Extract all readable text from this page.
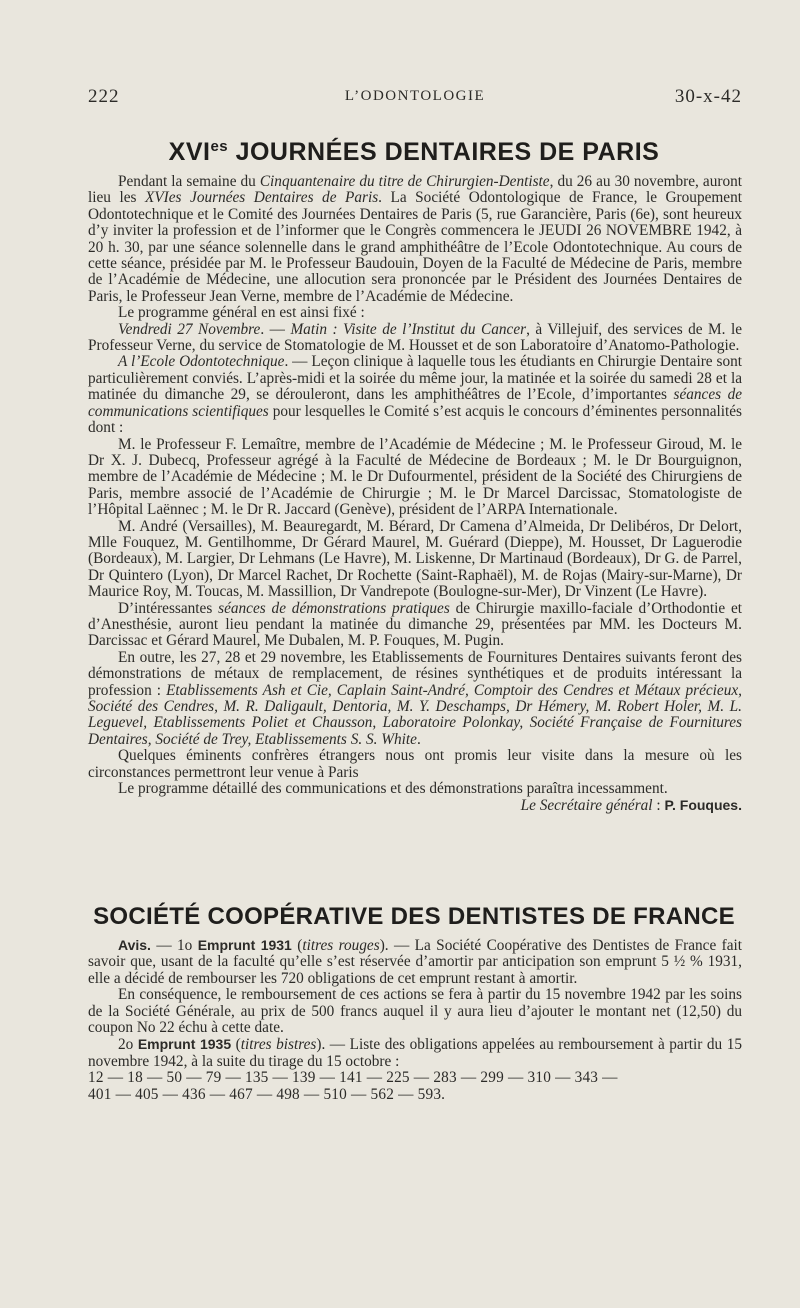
222	L’ODONTOLOGIE	30-x-42
$XVI^{es}$ JOURNÉES DENTAIRES DE PARIS

Pendant la semaine du Cinquantenaire du titre de Chirurgien-Dentiste, du 26 au 30 novembre, auront lieu les XVIes Journées Dentaires de Paris. La Société Odontologique de France, le Groupement Odontotechnique et le Comité des Journées Dentaires de Paris (5, rue Garancière, Paris (6e), sont heureux d’y inviter la profession et de l’informer que le Congrès commencera le JEUDI 26 NOVEMBRE 1942, à 20 h. 30, par une séance solennelle dans le grand amphithéâtre de l’Ecole Odontotechnique. Au cours de cette séance, présidée par M. le Professeur Baudouin, Doyen de la Faculté de Médecine de Paris, membre de l’Académie de Médecine, une allocution sera prononcée par le Président des Journées Dentaires de Paris, le Professeur Jean Verne, membre de l’Académie de Médecine.

Le programme général en est ainsi fixé :

Vendredi 27 Novembre. — Matin : Visite de l’Institut du Cancer, à Villejuif, des services de M. le Professeur Verne, du service de Stomatologie de M. Housset et de son Laboratoire d’Anatomo-Pathologie.

A l’Ecole Odontotechnique. — Leçon clinique à laquelle tous les étudiants en Chirurgie Dentaire sont particulièrement conviés. L’après-midi et la soirée du même jour, la matinée et la soirée du samedi 28 et la matinée du dimanche 29, se dérouleront, dans les amphithéâtres de l’Ecole, d’importantes séances de communications scientifiques pour lesquelles le Comité s’est acquis le concours d’éminentes personnalités dont :

M. le Professeur F. Lemaître, membre de l’Académie de Médecine ; M. le Professeur Giroud, M. le Dr X. J. Dubecq, Professeur agrégé à la Faculté de Médecine de Bordeaux ; M. le Dr Bourguignon, membre de l’Académie de Médecine ; M. le Dr Dufourmentel, président de la Société des Chirurgiens de Paris, membre associé de l’Académie de Chirurgie ; M. le Dr Marcel Darcissac, Stomatologiste de l’Hôpital Laënnec ; M. le Dr R. Jaccard (Genève), président de l’ARPA Internationale.

M. André (Versailles), M. Beauregardt, M. Bérard, Dr Camena d’Almeida, Dr Delibéros, Dr Delort, Mlle Fouquez, M. Gentilhomme, Dr Gérard Maurel, M. Guérard (Dieppe), M. Housset, Dr Laguerodie (Bordeaux), M. Largier, Dr Lehmans (Le Havre), M. Liskenne, Dr Martinaud (Bordeaux), Dr G. de Parrel, Dr Quintero (Lyon), Dr Marcel Rachet, Dr Rochette (Saint-Raphaël), M. de Rojas (Mairy-sur-Marne), Dr Maurice Roy, M. Toucas, M. Massillion, Dr Vandrepote (Boulogne-sur-Mer), Dr Vinzent (Le Havre).

D’intéressantes séances de démonstrations pratiques de Chirurgie maxillo-faciale d’Orthodontie et d’Anesthésie, auront lieu pendant la matinée du dimanche 29, présentées par MM. les Docteurs M. Darcissac et Gérard Maurel, Me Dubalen, M. P. Fouques, M. Pugin.

En outre, les 27, 28 et 29 novembre, les Etablissements de Fournitures Dentaires suivants feront des démonstrations de métaux de remplacement, de résines synthétiques et de produits intéressant la profession : Etablissements Ash et Cie, Caplain Saint-André, Comptoir des Cendres et Métaux précieux, Société des Cendres, M. R. Daligault, Dentoria, M. Y. Deschamps, Dr Hémery, M. Robert Holer, M. L. Leguevel, Etablissements Poliet et Chausson, Laboratoire Polonkay, Société Française de Fournitures Dentaires, Société de Trey, Etablissements S. S. White.

Quelques éminents confrères étrangers nous ont promis leur visite dans la mesure où les circonstances permettront leur venue à Paris

Le programme détaillé des communications et des démonstrations paraîtra incessamment.

Le Secrétaire général : P. Fouques.

SOCIÉTÉ COOPÉRATIVE DES DENTISTES DE FRANCE

Avis. — 1o Emprunt 1931 (titres rouges). — La Société Coopérative des Dentistes de France fait savoir que, usant de la faculté qu’elle s’est réservée d’amortir par anticipation son emprunt 5 ½ % 1931, elle a décidé de rembourser les 720 obligations de cet emprunt restant à amortir.

En conséquence, le remboursement de ces actions se fera à partir du 15 novembre 1942 par les soins de la Société Générale, au prix de 500 francs auquel il y aura lieu d’ajouter le montant net (12,50) du coupon No 22 échu à cette date.

2o Emprunt 1935 (titres bistres). — Liste des obligations appelées au remboursement à partir du 15 novembre 1942, à la suite du tirage du 15 octobre :

12 — 18 — 50 — 79 — 135 — 139 — 141 — 225 — 283 — 299 — 310 — 343 —

401 — 405 — 436 — 467 — 498 — 510 — 562 — 593.
